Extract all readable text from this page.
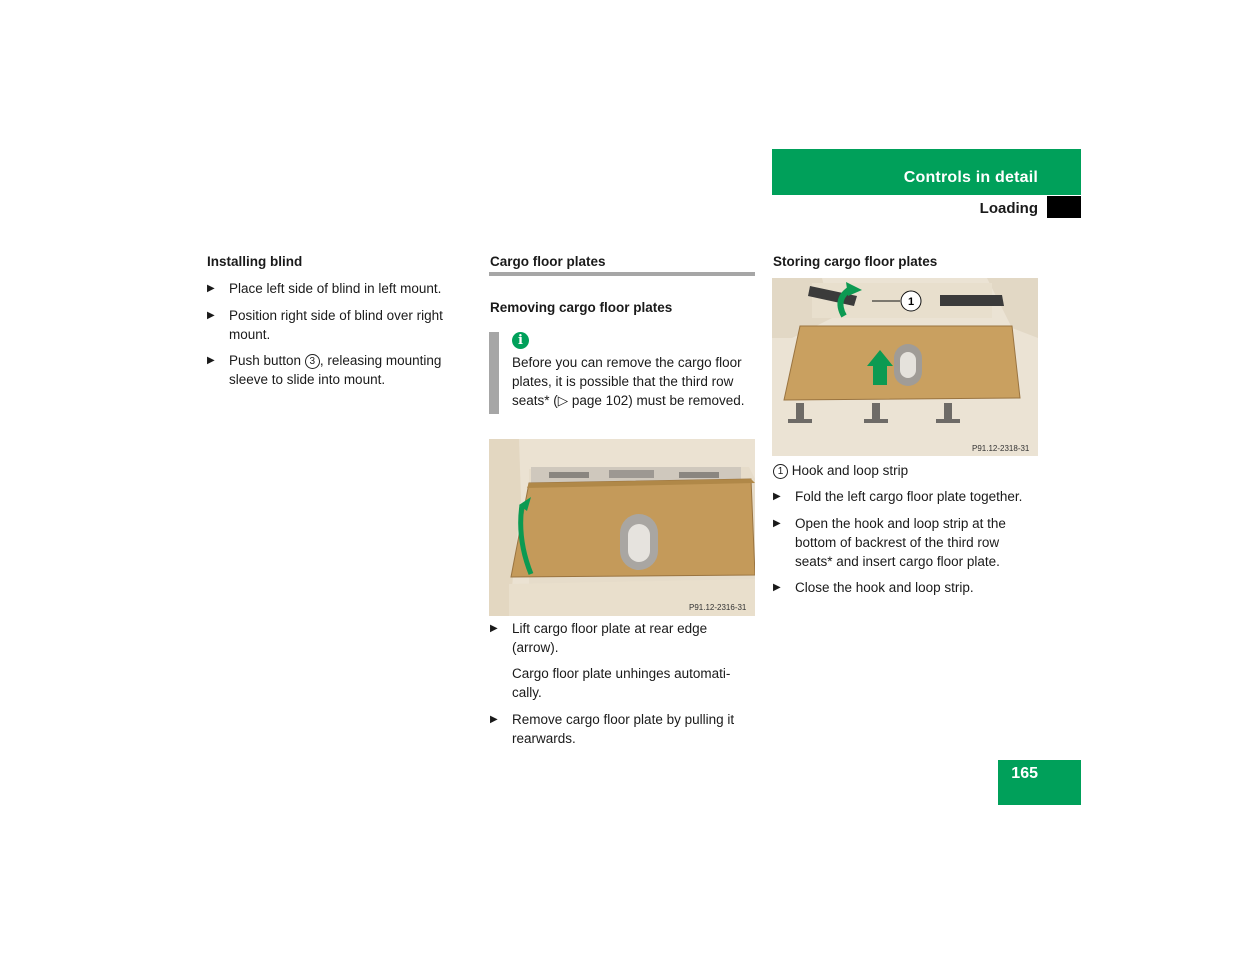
Controls in detail
Loading
Installing blind
▶	Place left side of blind in left mount.
▶	Position right side of blind over right mount.
▶	Push button 3 , releasing mounting sleeve to slide into mount.
Cargo floor plates
Removing cargo floor plates
i
Before you can remove the cargo floor plates, it is possible that the third row seats* (▷ page 102) must be removed.
P91.12-2316-31
▶	Lift cargo floor plate at rear edge (arrow).
Cargo floor plate unhinges automati-cally.
▶	Remove cargo floor plate by pulling it rearwards.
Storing cargo floor plates
1
P91.12-2318-31
1 Hook and loop strip
▶	Fold the left cargo floor plate together.
▶	Open the hook and loop strip at the bottom of backrest of the third row seats* and insert cargo floor plate.
▶	Close the hook and loop strip.
165
